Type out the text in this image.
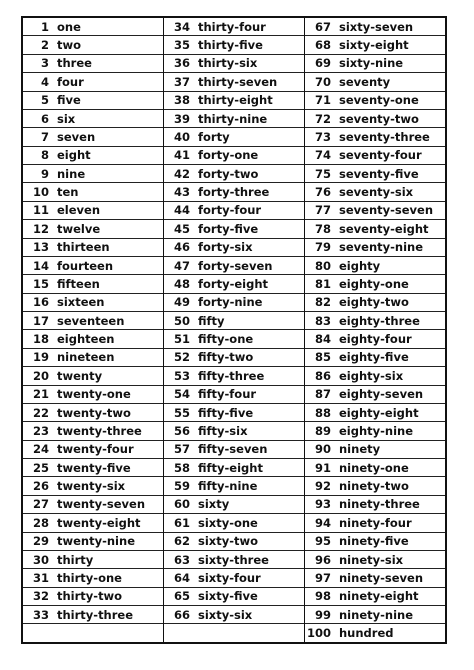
1 one
2 two
3 three
4 four
5 five
6 six
7 seven
8 eight
9 nine
10 ten
11 eleven
12 twelve
13 thirteen
14 fourteen
15 fifteen
16 sixteen
17 seventeen
18 eighteen
19 nineteen
20 twenty
21 twenty-one
22 twenty-two
23 twenty-three
24 twenty-four
25 twenty-five
26 twenty-six
27 twenty-seven
28 twenty-eight
29 twenty-nine
30 thirty
31 thirty-one
32 thirty-two
33 thirty-three
34 thirty-four
35 thirty-five
36 thirty-six
37 thirty-seven
38 thirty-eight
39 thirty-nine
40 forty
41 forty-one
42 forty-two
43 forty-three
44 forty-four
45 forty-five
46 forty-six
47 forty-seven
48 forty-eight
49 forty-nine
50 fifty
51 fifty-one
52 fifty-two
53 fifty-three
54 fifty-four
55 fifty-five
56 fifty-six
57 fifty-seven
58 fifty-eight
59 fifty-nine
60 sixty
61 sixty-one
62 sixty-two
63 sixty-three
64 sixty-four
65 sixty-five
66 sixty-six
67 sixty-seven
68 sixty-eight
69 sixty-nine
70 seventy
71 seventy-one
72 seventy-two
73 seventy-three
74 seventy-four
75 seventy-five
76 seventy-six
77 seventy-seven
78 seventy-eight
79 seventy-nine
80 eighty
81 eighty-one
82 eighty-two
83 eighty-three
84 eighty-four
85 eighty-five
86 eighty-six
87 eighty-seven
88 eighty-eight
89 eighty-nine
90 ninety
91 ninety-one
92 ninety-two
93 ninety-three
94 ninety-four
95 ninety-five
96 ninety-six
97 ninety-seven
98 ninety-eight
99 ninety-nine
100 hundred
